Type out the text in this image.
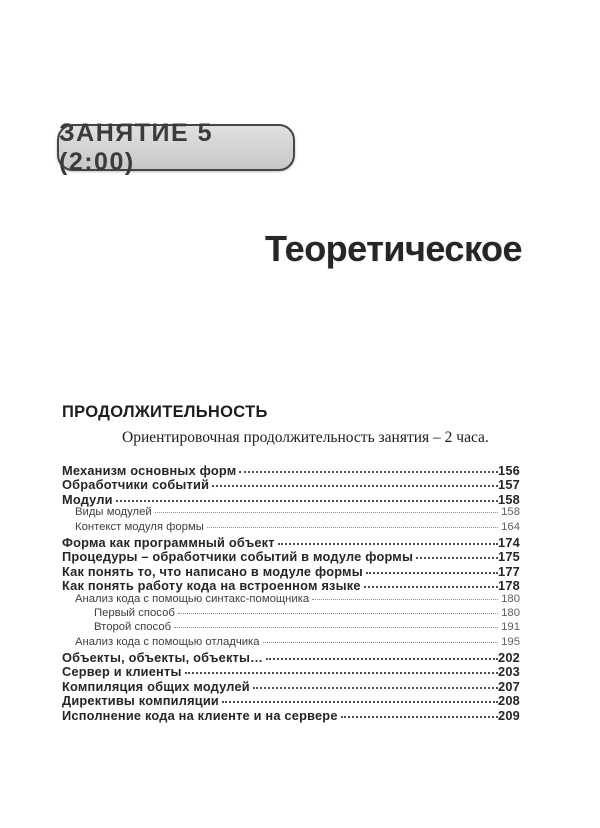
ЗАНЯТИЕ 5 (2:00)
Теоретическое
ПРОДОЛЖИТЕЛЬНОСТЬ

Ориентировочная продолжительность занятия – 2 часа.

Механизм основных форм	156
Обработчики событий	157
Модули	158
Виды модулей	158
Контекст модуля формы	164
Форма как программный объект	174
Процедуры – обработчики событий в модуле формы	175
Как понять то, что написано в модуле формы	177
Как понять работу кода на встроенном языке	178
Анализ кода с помощью синтакс-помощника	180
Первый способ	180
Второй способ	191
Анализ кода с помощью отладчика	195
Объекты, объекты, объекты…	202
Сервер и клиенты	203
Компиляция общих модулей	207
Директивы компиляции	208
Исполнение кода на клиенте и на сервере	209
